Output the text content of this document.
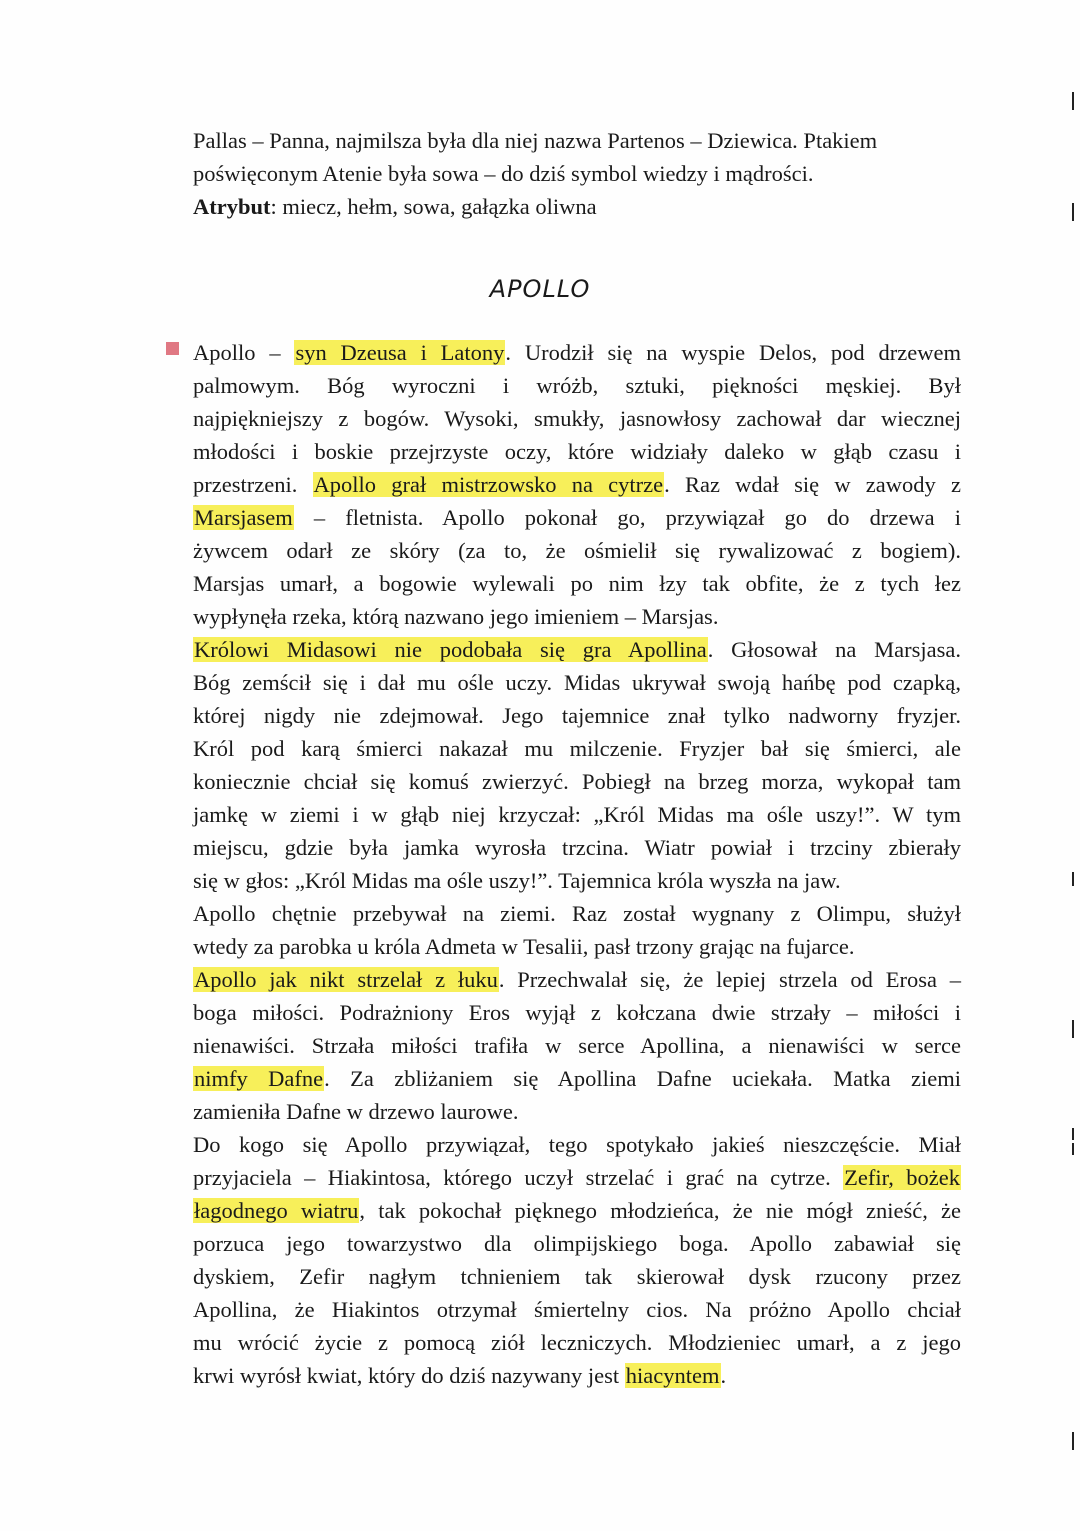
Pallas – Panna, najmilsza była dla niej nazwa Partenos – Dziewica. Ptakiem
poświęconym Atenie była sowa – do dziś symbol wiedzy i mądrości.
Atrybut: miecz, hełm, sowa, gałązka oliwna
APOLLO
Apollo – syn Dzeusa i Latony. Urodził się na wyspie Delos, pod drzewem
palmowym. Bóg wyroczni i wróżb, sztuki, piękności męskiej. Był
najpiękniejszy z bogów. Wysoki, smukły, jasnowłosy zachował dar wiecznej
młodości i boskie przejrzyste oczy, które widziały daleko w głąb czasu i
przestrzeni. Apollo grał mistrzowsko na cytrze. Raz wdał się w zawody z
Marsjasem – fletnista. Apollo pokonał go, przywiązał go do drzewa i
żywcem odarł ze skóry (za to, że ośmielił się rywalizować z bogiem).
Marsjas umarł, a bogowie wylewali po nim łzy tak obfite, że z tych łez
wypłynęła rzeka, którą nazwano jego imieniem – Marsjas.
Królowi Midasowi nie podobała się gra Apollina. Głosował na Marsjasa.
Bóg zemścił się i dał mu ośle uczy. Midas ukrywał swoją hańbę pod czapką,
której nigdy nie zdejmował. Jego tajemnice znał tylko nadworny fryzjer.
Król pod karą śmierci nakazał mu milczenie. Fryzjer bał się śmierci, ale
koniecznie chciał się komuś zwierzyć. Pobiegł na brzeg morza, wykopał tam
jamkę w ziemi i w głąb niej krzyczał: „Król Midas ma ośle uszy!”. W tym
miejscu, gdzie była jamka wyrosła trzcina. Wiatr powiał i trzciny zbierały
się w głos: „Król Midas ma ośle uszy!”. Tajemnica króla wyszła na jaw.
Apollo chętnie przebywał na ziemi. Raz został wygnany z Olimpu, służył
wtedy za parobka u króla Admeta w Tesalii, pasł trzony grając na fujarce.
Apollo jak nikt strzelał z łuku. Przechwalał się, że lepiej strzela od Erosa –
boga miłości. Podrażniony Eros wyjął z kołczana dwie strzały – miłości i
nienawiści. Strzała miłości trafiła w serce Apollina, a nienawiści w serce
nimfy Dafne. Za zbliżaniem się Apollina Dafne uciekała. Matka ziemi
zamieniła Dafne w drzewo laurowe.
Do kogo się Apollo przywiązał, tego spotykało jakieś nieszczęście. Miał
przyjaciela – Hiakintosa, którego uczył strzelać i grać na cytrze. Zefir, bożek
łagodnego wiatru, tak pokochał pięknego młodzieńca, że nie mógł znieść, że
porzuca jego towarzystwo dla olimpijskiego boga. Apollo zabawiał się
dyskiem, Zefir nagłym tchnieniem tak skierował dysk rzucony przez
Apollina, że Hiakintos otrzymał śmiertelny cios. Na próżno Apollo chciał
mu wrócić życie z pomocą ziół leczniczych. Młodzieniec umarł, a z jego
krwi wyrósł kwiat, który do dziś nazywany jest hiacyntem.
